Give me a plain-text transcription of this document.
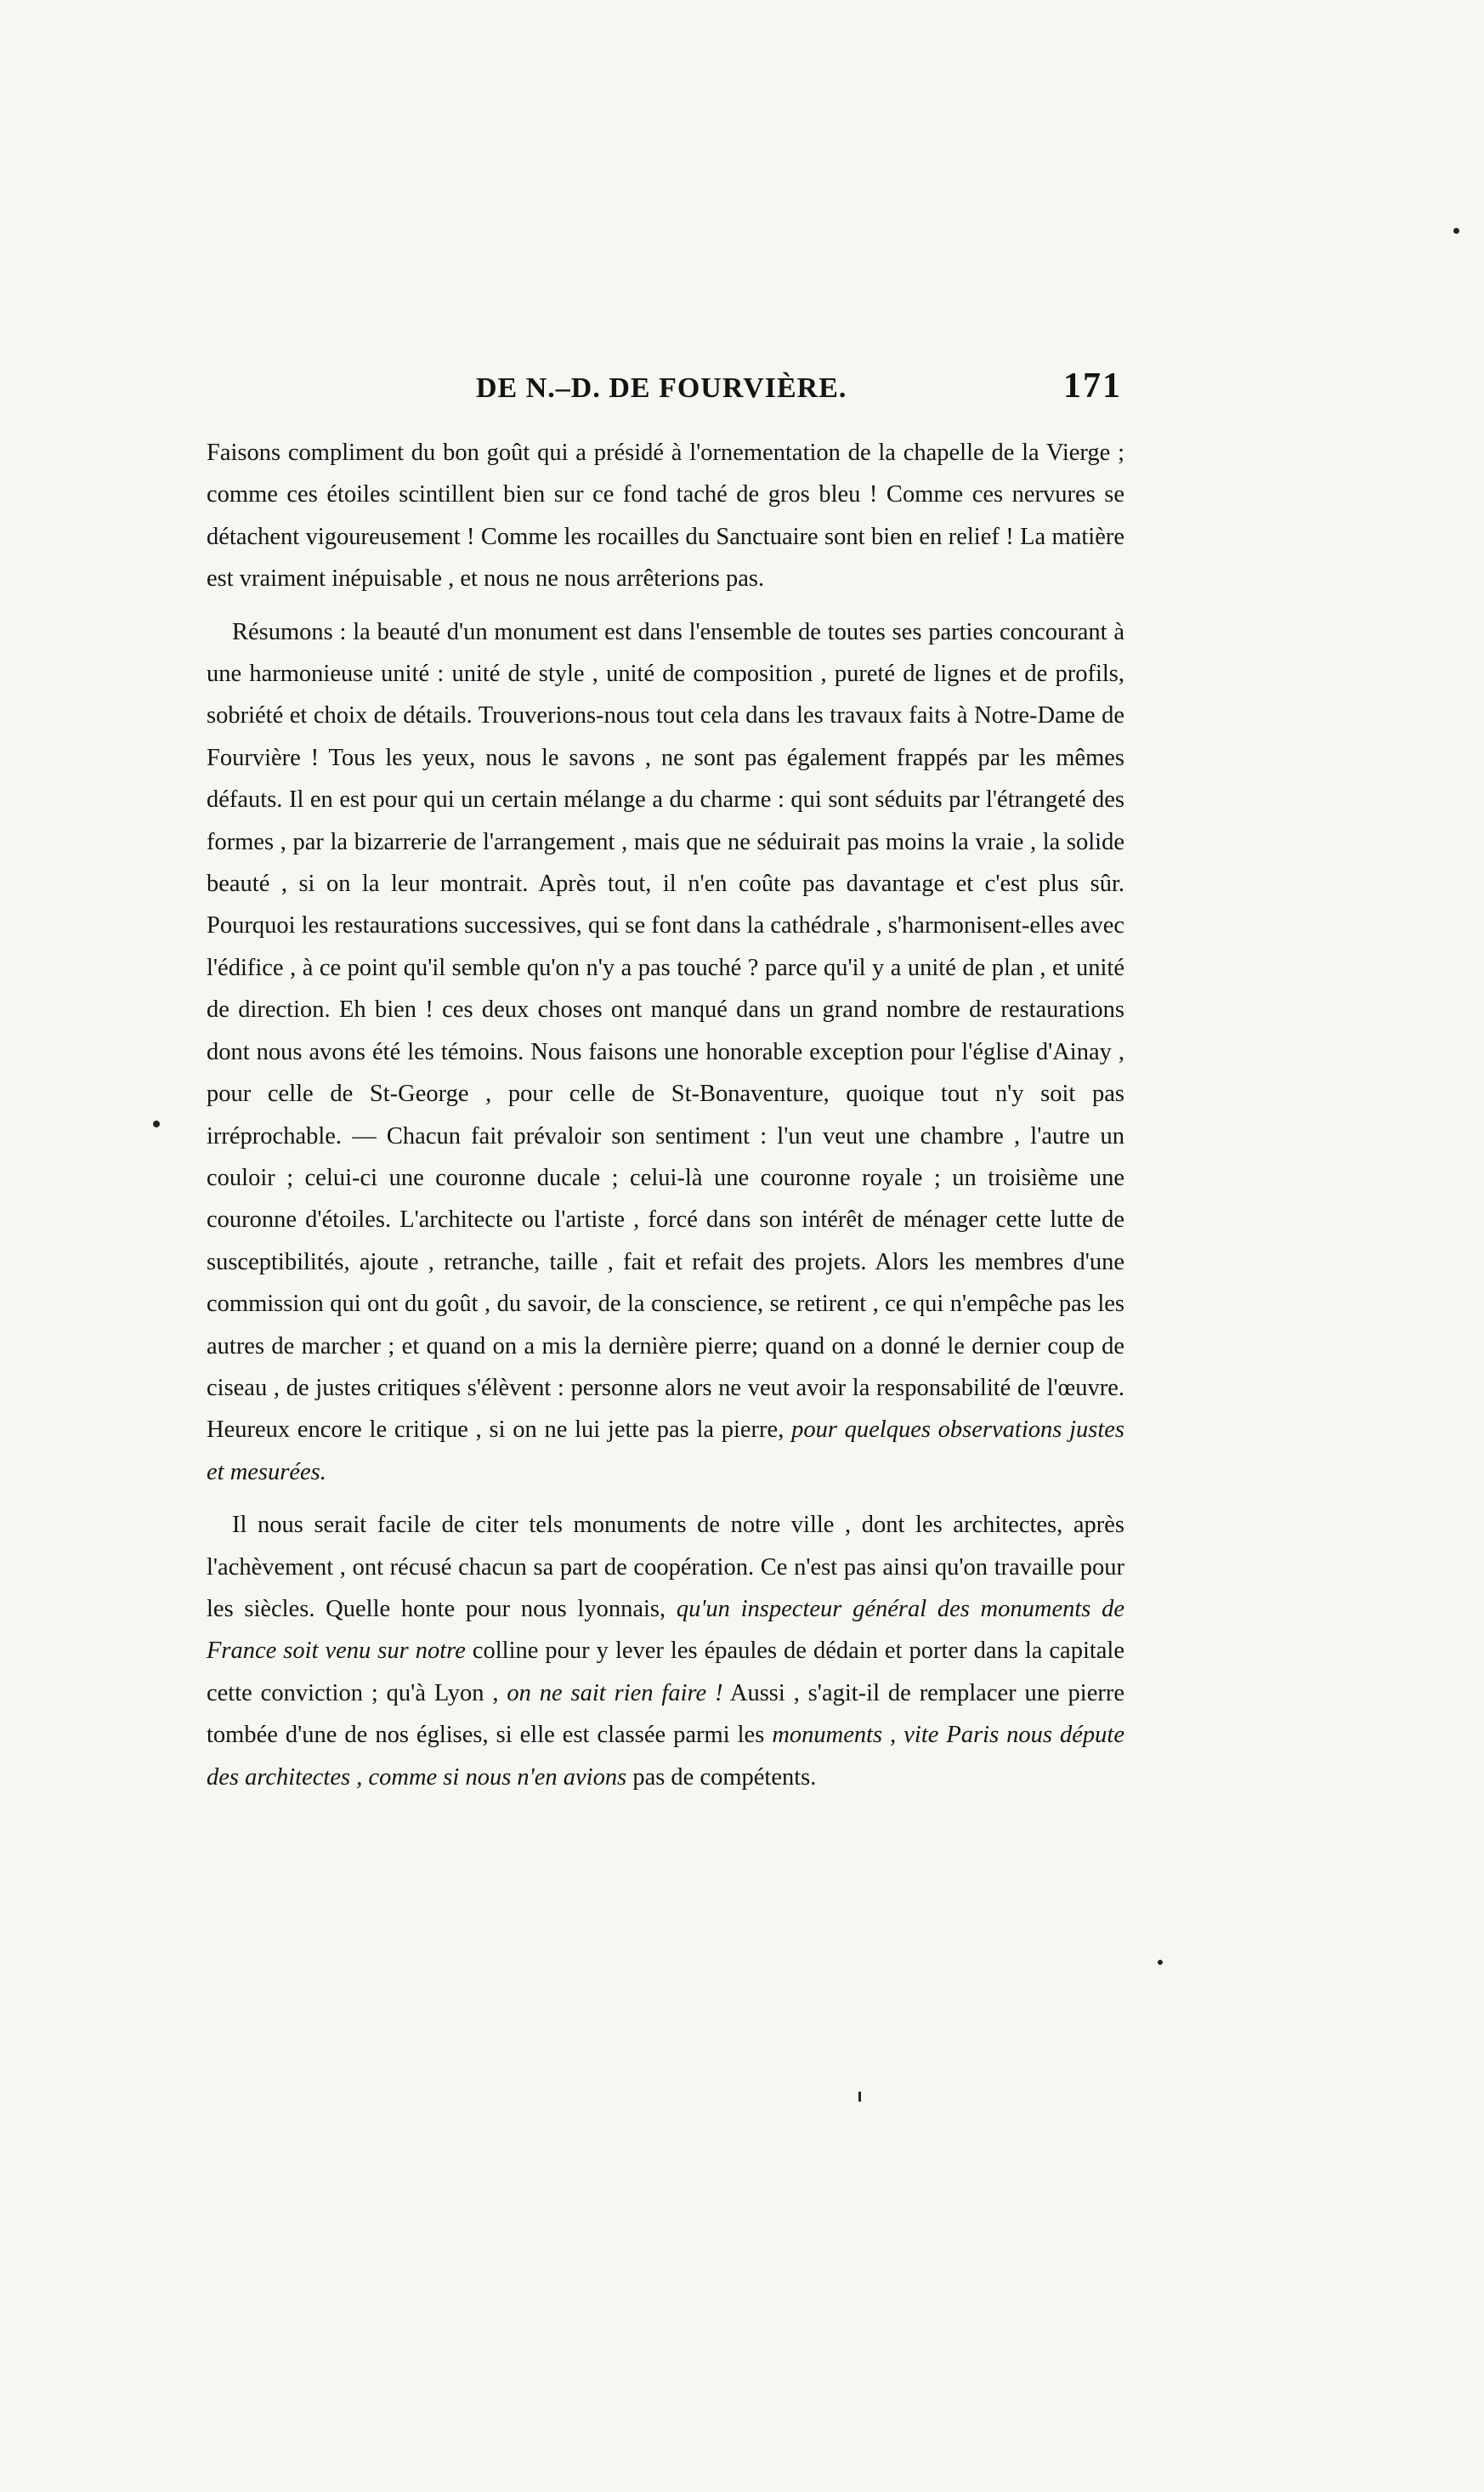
DE N.–D. DE FOURVIÈRE.	171

Faisons compliment du bon goût qui a présidé à l'ornementation de la chapelle de la Vierge ; comme ces étoiles scintillent bien sur ce fond taché de gros bleu ! Comme ces nervures se détachent vigoureusement ! Comme les rocailles du Sanctuaire sont bien en relief ! La matière est vraiment inépuisable , et nous ne nous arrêterions pas.

Résumons : la beauté d'un monument est dans l'ensemble de toutes ses parties concourant à une harmonieuse unité : unité de style , unité de composition , pureté de lignes et de profils, sobriété et choix de détails. Trouverions-nous tout cela dans les travaux faits à Notre-Dame de Fourvière ! Tous les yeux, nous le savons , ne sont pas également frappés par les mêmes défauts. Il en est pour qui un certain mélange a du charme : qui sont séduits par l'étrangeté des formes , par la bizarrerie de l'arrangement , mais que ne séduirait pas moins la vraie , la solide beauté , si on la leur montrait. Après tout, il n'en coûte pas davantage et c'est plus sûr. Pourquoi les restaurations successives, qui se font dans la cathédrale , s'harmonisent-elles avec l'édifice , à ce point qu'il semble qu'on n'y a pas touché ? parce qu'il y a unité de plan , et unité de direction. Eh bien ! ces deux choses ont manqué dans un grand nombre de restaurations dont nous avons été les témoins. Nous faisons une honorable exception pour l'église d'Ainay , pour celle de St-George , pour celle de St-Bonaventure, quoique tout n'y soit pas irréprochable. — Chacun fait prévaloir son sentiment : l'un veut une chambre , l'autre un couloir ; celui-ci une couronne ducale ; celui-là une couronne royale ; un troisième une couronne d'étoiles. L'architecte ou l'artiste , forcé dans son intérêt de ménager cette lutte de susceptibilités, ajoute , retranche, taille , fait et refait des projets. Alors les membres d'une commission qui ont du goût , du savoir, de la conscience, se retirent , ce qui n'empêche pas les autres de marcher ; et quand on a mis la dernière pierre; quand on a donné le dernier coup de ciseau , de justes critiques s'élèvent : personne alors ne veut avoir la responsabilité de l'œuvre. Heureux encore le critique , si on ne lui jette pas la pierre, pour quelques observations justes et mesurées.

Il nous serait facile de citer tels monuments de notre ville , dont les architectes, après l'achèvement , ont récusé chacun sa part de coopération. Ce n'est pas ainsi qu'on travaille pour les siècles. Quelle honte pour nous lyonnais, qu'un inspecteur général des monuments de France soit venu sur notre colline pour y lever les épaules de dédain et porter dans la capitale cette conviction ; qu'à Lyon , on ne sait rien faire ! Aussi , s'agit-il de remplacer une pierre tombée d'une de nos églises, si elle est classée parmi les monuments , vite Paris nous députe des architectes , comme si nous n'en avions pas de compétents.
